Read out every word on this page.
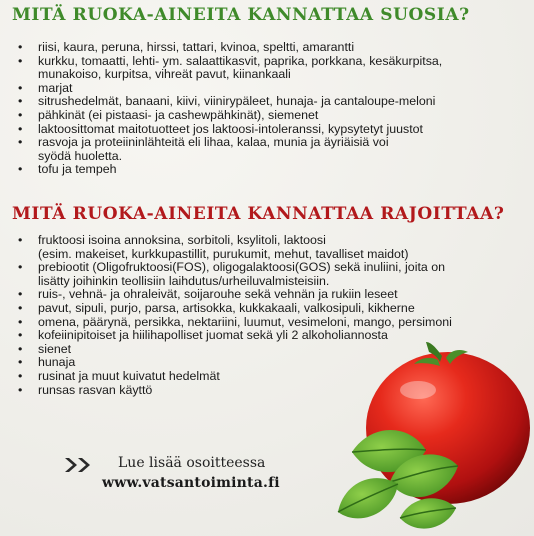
MITÄ RUOKA-AINEITA KANNATTAA SUOSIA?
• riisi, kaura, peruna, hirssi, tattari, kvinoa, speltti, amarantti
• kurkku, tomaatti, lehti- ym. salaattikasvit, paprika, porkkana, kesäkurpitsa,
munakoiso, kurpitsa, vihreät pavut, kiinankaali
• marjat
• sitrushedelmät, banaani, kiivi, viinirypäleet, hunaja- ja cantaloupe-meloni
• pähkinät (ei pistaasi- ja cashewpähkinät), siemenet
• laktoosittomat maitotuotteet jos laktoosi-intoleranssi, kypsytetyt juustot
• rasvoja ja proteiininlähteitä eli lihaa, kalaa, munia ja äyriäisiä voi
syödä huoletta.
• tofu ja tempeh
MITÄ RUOKA-AINEITA KANNATTAA RAJOITTAA?
• fruktoosi isoina annoksina, sorbitoli, ksylitoli, laktoosi
(esim. makeiset, kurkkupastillit, purukumit, mehut, tavalliset maidot)
• prebiootit (Oligofruktoosi(FOS), oligogalaktoosi(GOS) sekä inuliini, joita on
lisätty joihinkin teollisiin laihdutus/urheiluvalmisteisiin.
• ruis-, vehnä- ja ohraleivät, soijarouhe sekä vehnän ja rukiin leseet
• pavut, sipuli, purjo, parsa, artisokka, kukkakaali, valkosipuli, kikherne
• omena, päärynä, persikka, nektariini, luumut, vesimeloni, mango, persimoni
• kofeiinipitoiset ja hiilihapolliset juomat sekä yli 2 alkoholiannosta
• sienet
• hunaja
• rusinat ja muut kuivatut hedelmät
• runsas rasvan käyttö
Lue lisää osoitteessa
www.vatsantoiminta.fi
